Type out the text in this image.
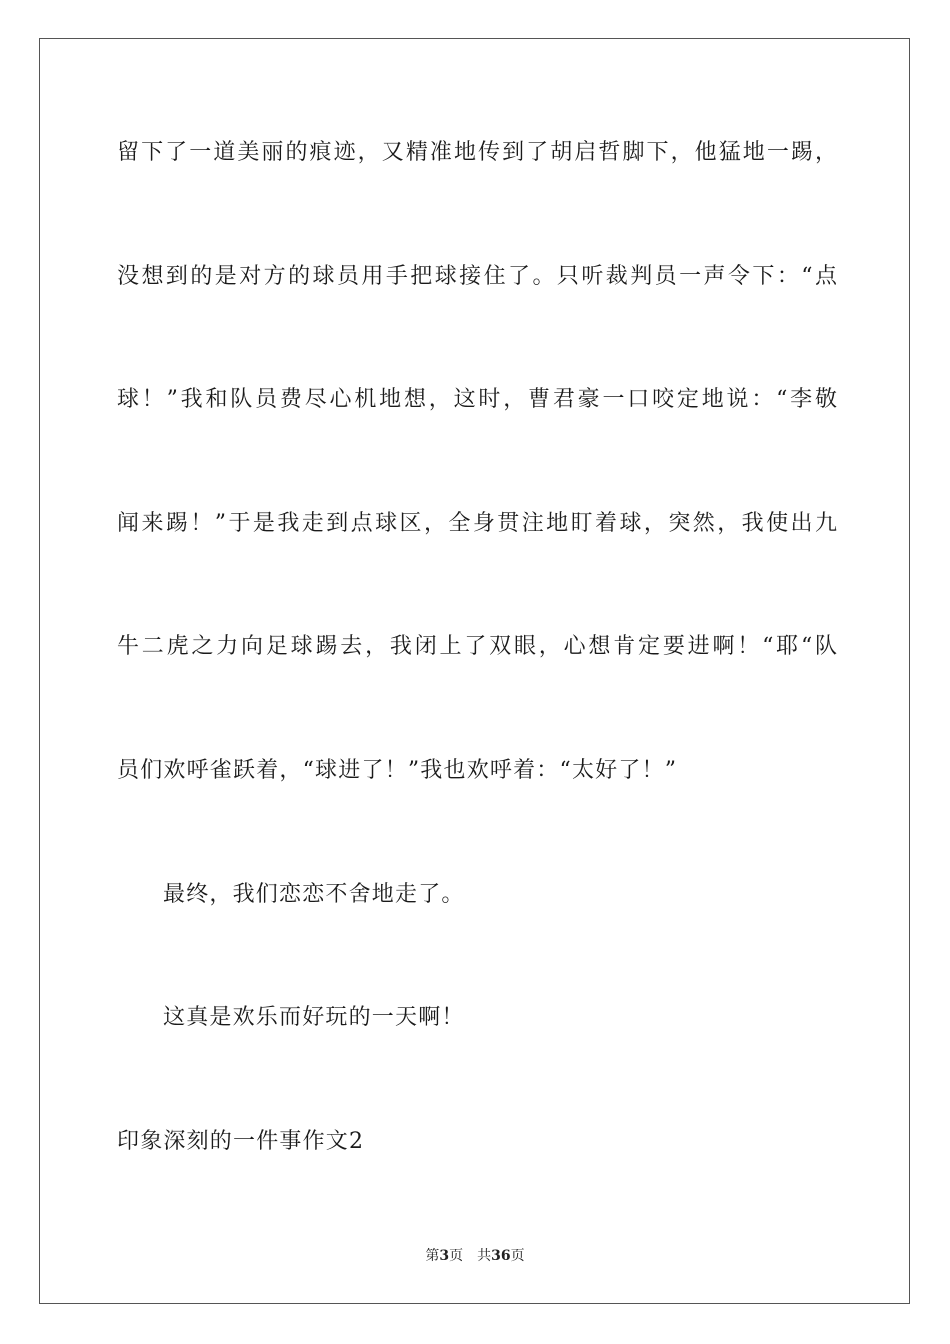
留下了一道美丽的痕迹，又精准地传到了胡启哲脚下，他猛地一踢，
没想到的是对方的球员用手把球接住了。只听裁判员一声令下：“点
球！”我和队员费尽心机地想，这时，曹君豪一口咬定地说：“李敬
闻来踢！”于是我走到点球区，全身贯注地盯着球，突然，我使出九
牛二虎之力向足球踢去，我闭上了双眼，心想肯定要进啊！“耶“队
员们欢呼雀跃着，“球进了！”我也欢呼着：“太好了！”
最终，我们恋恋不舍地走了。
这真是欢乐而好玩的一天啊！
印象深刻的一件事作文2
第3页 共36页
